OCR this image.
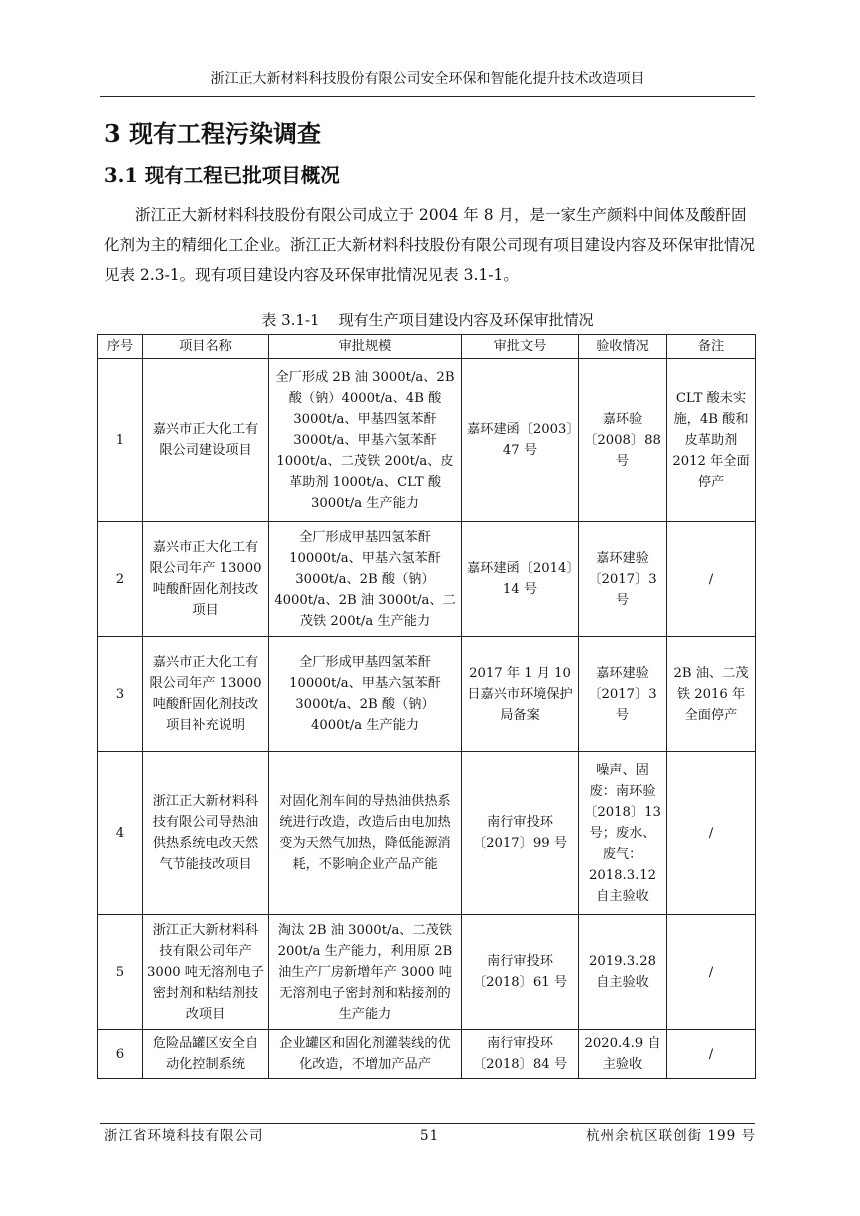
浙江正大新材料科技股份有限公司安全环保和智能化提升技术改造项目
3 现有工程污染调查
3.1 现有工程已批项目概况

浙江正大新材料科技股份有限公司成立于 2004 年 8 月，是一家生产颜料中间体及酸酐固化剂为主的精细化工企业。浙江正大新材料科技股份有限公司现有项目建设内容及环保审批情况见表 2.3-1。现有项目建设内容及环保审批情况见表 3.1-1。

表 3.1-1    现有生产项目建设内容及环保审批情况
序号	项目名称	审批规模	审批文号	验收情况	备注
1	嘉兴市正大化工有限公司建设项目	全厂形成 2B 油 3000t/a、2B 酸（钠）4000t/a、4B 酸 3000t/a、甲基四氢苯酐 3000t/a、甲基六氢苯酐 1000t/a、二茂铁 200t/a、皮革助剂 1000t/a、CLT 酸 3000t/a 生产能力	嘉环建函〔2003〕47 号	嘉环验〔2008〕88 号	CLT 酸未实施，4B 酸和皮革助剂 2012 年全面停产
2	嘉兴市正大化工有限公司年产 13000 吨酸酐固化剂技改项目	全厂形成甲基四氢苯酐 10000t/a、甲基六氢苯酐 3000t/a、2B 酸（钠）4000t/a、2B 油 3000t/a、二茂铁 200t/a 生产能力	嘉环建函〔2014〕14 号	嘉环建验〔2017〕3 号	/
3	嘉兴市正大化工有限公司年产 13000 吨酸酐固化剂技改项目补充说明	全厂形成甲基四氢苯酐 10000t/a、甲基六氢苯酐 3000t/a、2B 酸（钠）4000t/a 生产能力	2017 年 1 月 10 日嘉兴市环境保护局备案	嘉环建验〔2017〕3 号	2B 油、二茂铁 2016 年全面停产
4	浙江正大新材料科技有限公司导热油供热系统电改天然气节能技改项目	对固化剂车间的导热油供热系统进行改造，改造后由电加热变为天然气加热，降低能源消耗，不影响企业产品产能	南行审投环〔2017〕99 号	噪声、固废：南环验〔2018〕13 号；废水、废气：2018.3.12 自主验收	/
5	浙江正大新材料科技有限公司年产 3000 吨无溶剂电子密封剂和粘结剂技改项目	淘汰 2B 油 3000t/a、二茂铁 200t/a 生产能力，利用原 2B 油生产厂房新增年产 3000 吨无溶剂电子密封剂和粘接剂的生产能力	南行审投环〔2018〕61 号	2019.3.28 自主验收	/
6	危险品罐区安全自动化控制系统	企业罐区和固化剂灌装线的优化改造，不增加产品产	南行审投环〔2018〕84 号	2020.4.9 自主验收	/
浙江省环境科技有限公司	51	杭州余杭区联创街 199 号
